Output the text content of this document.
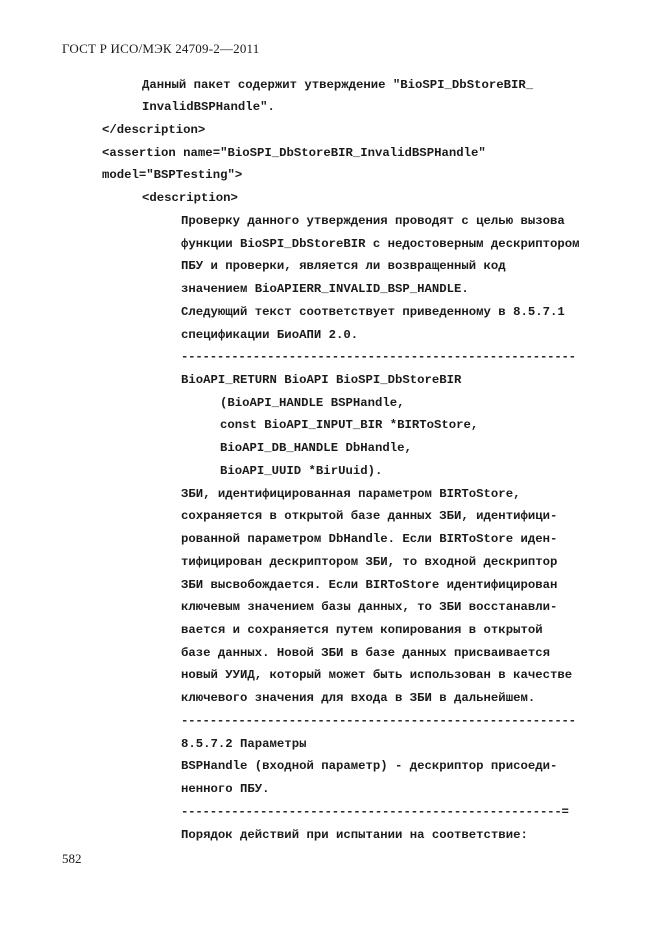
ГОСТ Р ИСО/МЭК 24709-2—2011
Данный пакет содержит утверждение "BioSPI_DbStoreBIR_
InvalidBSPHandle".
</description>
<assertion name="BioSPI_DbStoreBIR_InvalidBSPHandle"
model="BSPTesting">
<description>
Проверку данного утверждения проводят с целью вызова
функции BioSPI_DbStoreBIR с недостоверным дескриптором
ПБУ и проверки, является ли возвращенный код
значением BioAPIERR_INVALID_BSP_HANDLE.
Следующий текст соответствует приведенному в 8.5.7.1
спецификации БиоАПИ 2.0.
-------------------------------------------------------
BioAPI_RETURN BioAPI BioSPI_DbStoreBIR
(BioAPI_HANDLE BSPHandle,
const BioAPI_INPUT_BIR *BIRToStore,
BioAPI_DB_HANDLE DbHandle,
BioAPI_UUID *BirUuid).
ЗБИ, идентифицированная параметром BIRToStore,
сохраняется в открытой базе данных ЗБИ, идентифици-
рованной параметром DbHandle. Если BIRToStore иден-
тифицирован дескриптором ЗБИ, то входной дескриптор
ЗБИ высвобождается. Если BIRToStore идентифицирован
ключевым значением базы данных, то ЗБИ восстанавли-
вается и сохраняется путем копирования в открытой
базе данных. Новой ЗБИ в базе данных присваивается
новый УУИД, который может быть использован в качестве
ключевого значения для входа в ЗБИ в дальнейшем.
-------------------------------------------------------
8.5.7.2 Параметры
BSPHandle (входной параметр) - дескриптор присоеди-
ненного ПБУ.
-----------------------------------------------------=
Порядок действий при испытании на соответствие:
582
